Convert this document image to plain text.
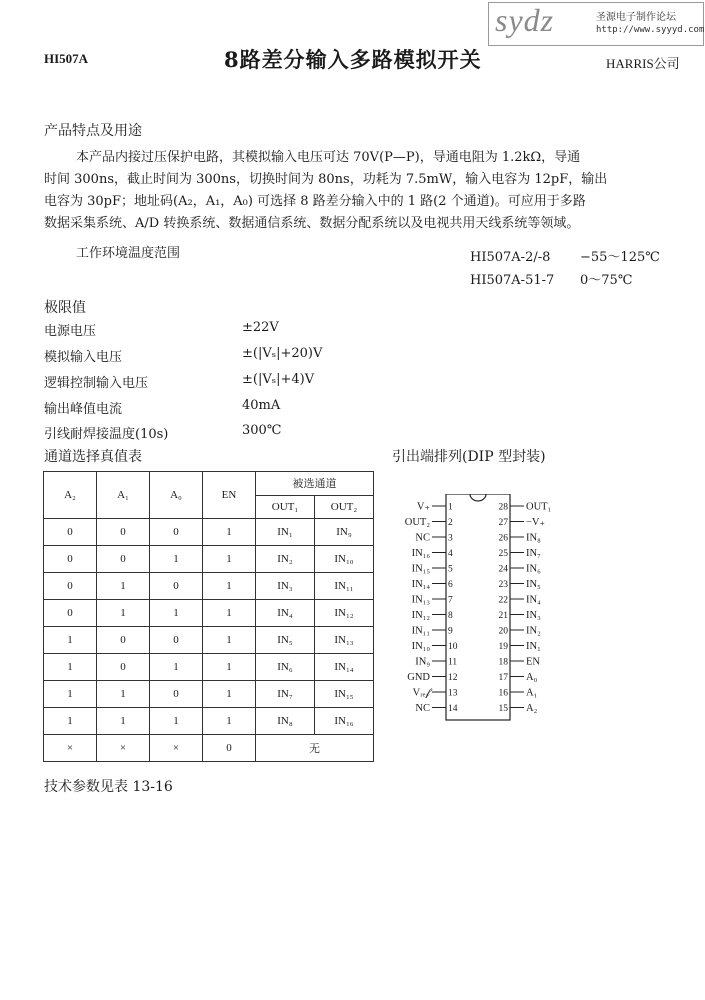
HI507A	8路差分输入多路模拟开关	HARRIS公司
sydz	圣源电子制作论坛
http://www.syyyd.com
产品特点及用途
本产品内接过压保护电路，其模拟输入电压可达 70V(P—P)，导通电阻为 1.2kΩ，导通
时间 300ns，截止时间为 300ns，切换时间为 80ns，功耗为 7.5mW，输入电容为 12pF，输出
电容为 30pF；地址码(A₂，A₁，A₀) 可选择 8 路差分输入中的 1 路(2 个通道)。可应用于多路
数据采集系统、A/D 转换系统、数据通信系统、数据分配系统以及电视共用天线系统等领域。
工作环境温度范围	HI507A-2/-8 −55～125℃
HI507A-51-7 0～75℃
极限值
电源电压	±22V
模拟输入电压	±(|Vₛ|+20)V
逻辑控制输入电压	±(|Vₛ|+4)V
输出峰值电流	40mA
引线耐焊接温度(10s)	300℃
通道选择真值表
A₂	A₁	A₀	EN	被选通道	
				OUT₁	OUT₂
0	0	0	1	IN₁	IN₉
0	0	1	1	IN₂	IN₁₀
0	1	0	1	IN₃	IN₁₁
0	1	1	1	IN₄	IN₁₂
1	0	0	1	IN₅	IN₁₃
1	0	1	1	IN₆	IN₁₄
1	1	0	1	IN₇	IN₁₅
1	1	1	1	IN₈	IN₁₆
×	×	×	0	无	
引出端排列(DIP 型封装)
V₊ 1
OUT₂ 2
NC 3
IN₁₆ 4
IN₁₅ 5
IN₁₄ 6
IN₁₃ 7
IN₁₂ 8
IN₁₁ 9
IN₁₀ 10
IN₉ 11
GND 12
Vᵣₑ𝒻	13
NC 14
28 OUT₁
27 −V₊
26 IN₈
25 IN₇
24 IN₆
23 IN₅
22 IN₄
21 IN₃
20 IN₂
19 IN₁
18 EN
17 A₀
16 A₁
15 A₂
技术参数见表 13-16
